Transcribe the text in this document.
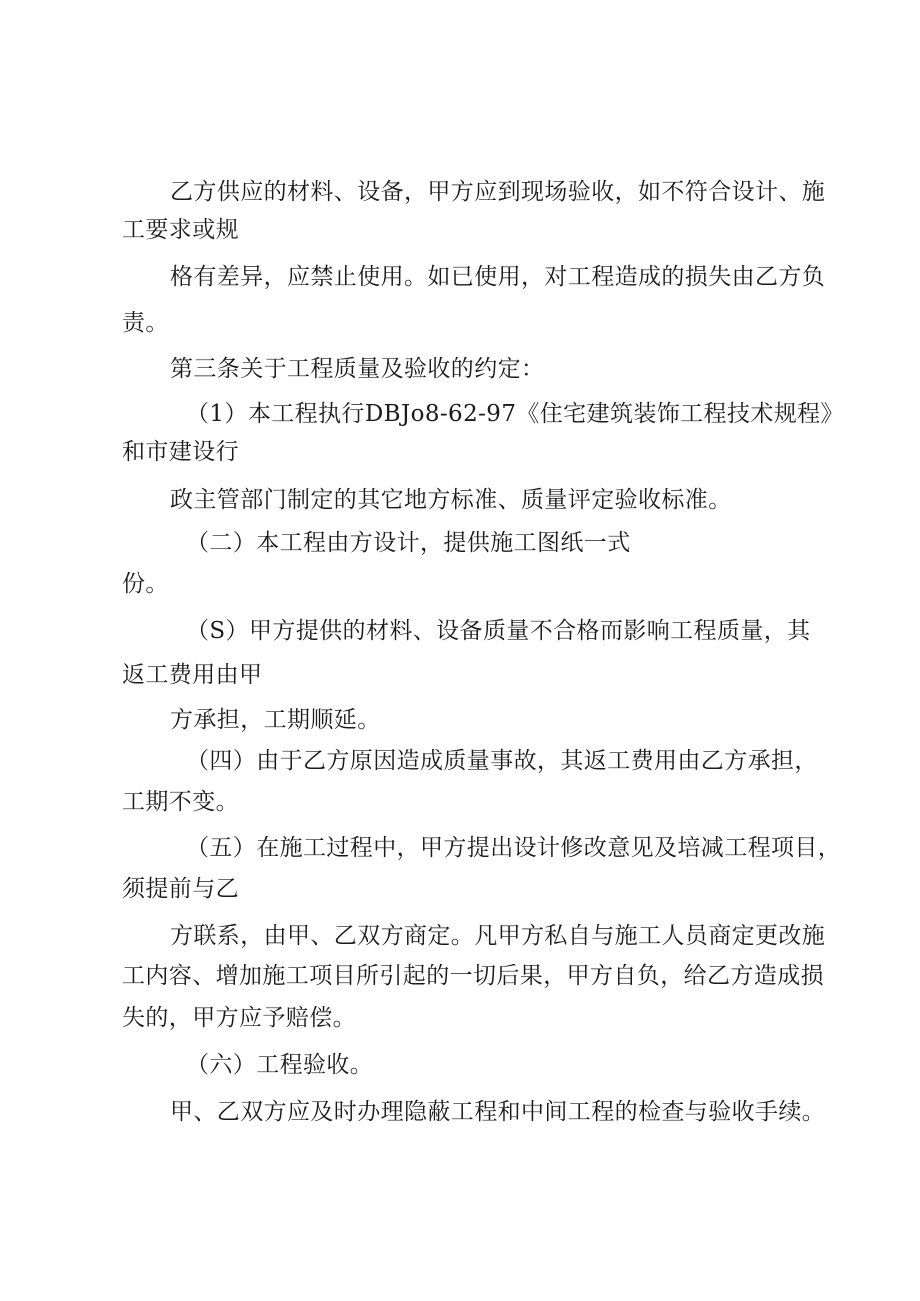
乙方供应的材料、设备，甲方应到现场验收，如不符合设计、施
工要求或规
格有差异，应禁止使用。如已使用，对工程造成的损失由乙方负
责。
第三条关于工程质量及验收的约定：
（1）本工程执行DBJo8-62-97《住宅建筑装饰工程技术规程》
和市建设行
政主管部门制定的其它地方标准、质量评定验收标准。
（二）本工程由方设计，提供施工图纸一式
份。
（S）甲方提供的材料、设备质量不合格而影响工程质量，其
返工费用由甲
方承担，工期顺延。
（四）由于乙方原因造成质量事故，其返工费用由乙方承担，
工期不变。
（五）在施工过程中，甲方提出设计修改意见及培减工程项目，
须提前与乙
方联系，由甲、乙双方商定。凡甲方私自与施工人员商定更改施
工内容、增加施工项目所引起的一切后果，甲方自负，给乙方造成损
失的，甲方应予赔偿。
（六）工程验收。
甲、乙双方应及时办理隐蔽工程和中间工程的检查与验收手续。
